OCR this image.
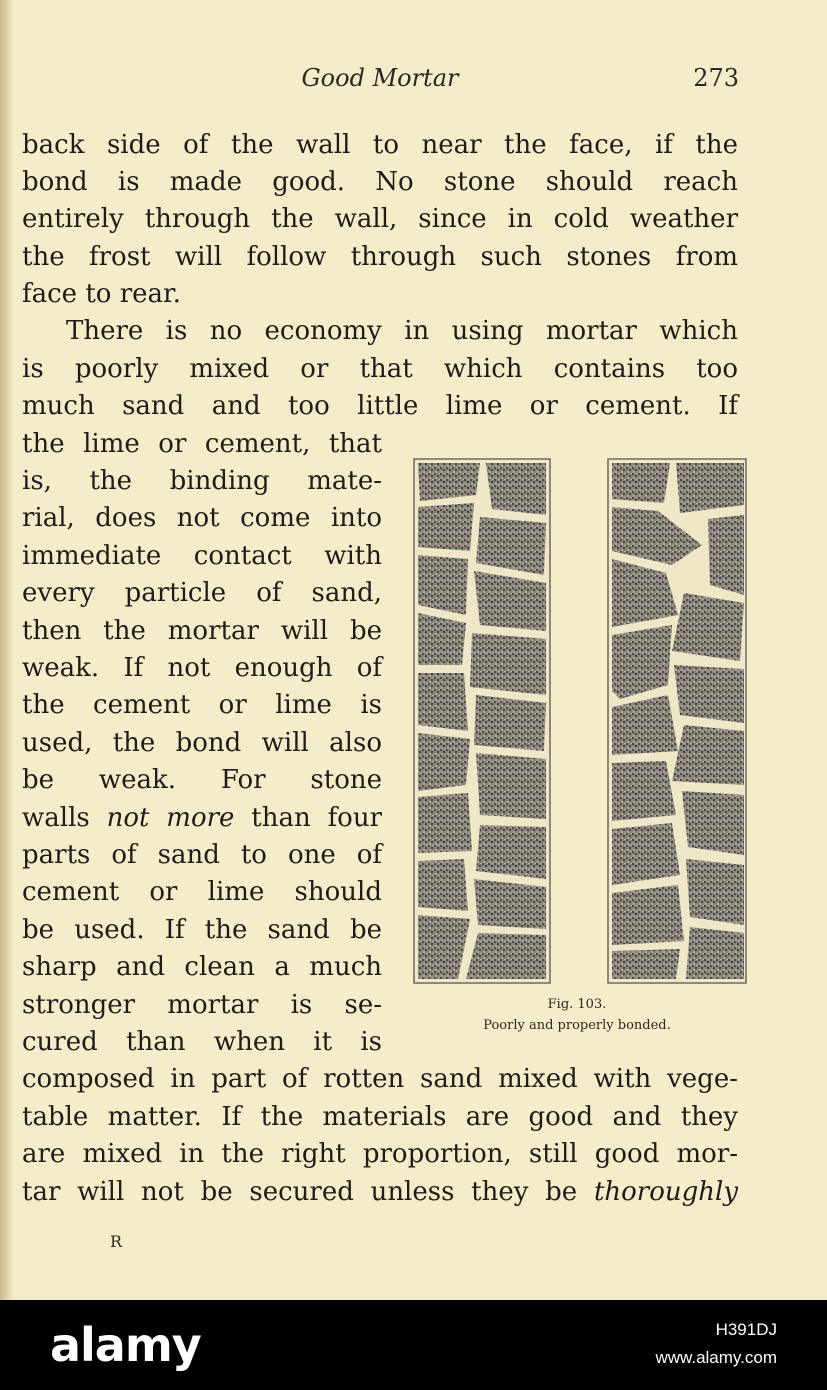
Good Mortar	273
back side of the wall to near the face, if the
bond is made good. No stone should reach
entirely through the wall, since in cold weather
the frost will follow through such stones from
face to rear.
There is no economy in using mortar which
is poorly mixed or that which contains too
much sand and too little lime or cement. If
the lime or cement, that
is, the binding mate-
rial, does not come into
immediate contact with
every particle of sand,
then the mortar will be
weak. If not enough of
the cement or lime is
used, the bond will also
be weak. For stone
walls not more than four
parts of sand to one of
cement or lime should
be used. If the sand be
sharp and clean a much
stronger mortar is se-
cured than when it is
composed in part of rotten sand mixed with vege-
table matter. If the materials are good and they
are mixed in the right proportion, still good mor-
tar will not be secured unless they be thoroughly
Fig. 103.
Poorly and properly bonded.
R
alamy	H391DJ
www.alamy.com
